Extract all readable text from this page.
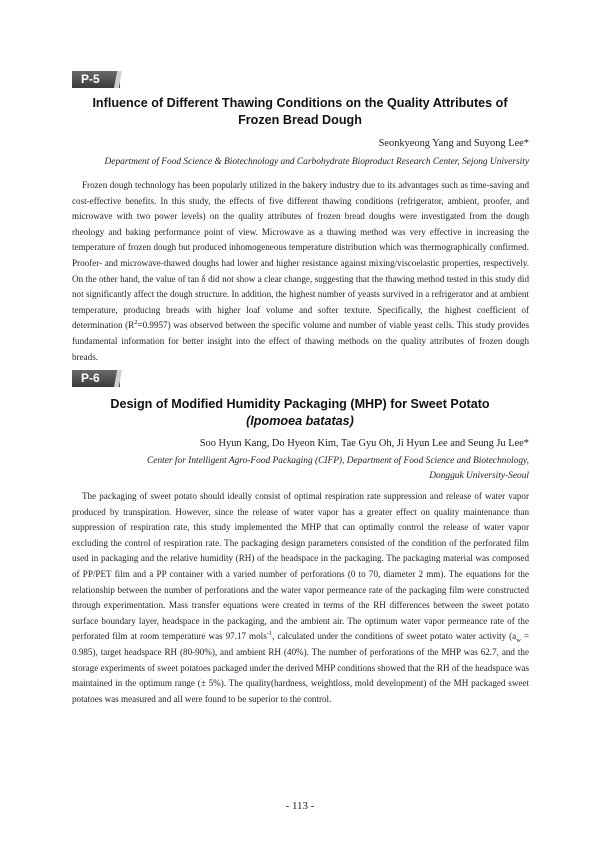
P-5
Influence of Different Thawing Conditions on the Quality Attributes of
Frozen Bread Dough
Seonkyeong Yang and Suyong Lee*
Department of Food Science & Biotechnology and Carbohydrate Bioproduct Research Center, Sejong University
Frozen dough technology has been popularly utilized in the bakery industry due to its advantages such as time-saving and cost-effective benefits. In this study, the effects of five different thawing conditions (refrigerator, ambient, proofer, and microwave with two power levels) on the quality attributes of frozen bread doughs were investigated from the dough rheology and baking performance point of view. Microwave as a thawing method was very effective in increasing the temperature of frozen dough but produced inhomogeneous temperature distribution which was thermographically confirmed. Proofer- and microwave-thawed doughs had lower and higher resistance against mixing/viscoelastic properties, respectively. On the other hand, the value of tan δ did not show a clear change, suggesting that the thawing method tested in this study did not significantly affect the dough structure. In addition, the highest number of yeasts survived in a refrigerator and at ambient temperature, producing breads with higher loaf volume and softer texture. Specifically, the highest coefficient of determination $(R^2=0.9957)$ was observed between the specific volume and number of viable yeast cells. This study provides fundamental information for better insight into the effect of thawing methods on the quality attributes of frozen dough breads.
P-6
Design of Modified Humidity Packaging (MHP) for Sweet Potato
(Ipomoea batatas)
Soo Hyun Kang, Do Hyeon Kim, Tae Gyu Oh, Ji Hyun Lee and Seung Ju Lee*
Center for Intelligent Agro-Food Packaging (CIFP), Department of Food Science and Biotechnology,
Dongguk University-Seoul
The packaging of sweet potato should ideally consist of optimal respiration rate suppression and release of water vapor produced by transpiration. However, since the release of water vapor has a greater effect on quality maintenance than suppression of respiration rate, this study implemented the MHP that can optimally control the release of water vapor excluding the control of respiration rate. The packaging design parameters consisted of the condition of the perforated film used in packaging and the relative humidity (RH) of the headspace in the packaging. The packaging material was composed of PP/PET film and a PP container with a varied number of perforations (0 to 70, diameter 2 mm). The equations for the relationship between the number of perforations and the water vapor permeance rate of the packaging film were constructed through experimentation. Mass transfer equations were created in terms of the RH differences between the sweet potato surface boundary layer, headspace in the packaging, and the ambient air. The optimum water vapor permeance rate of the perforated film at room temperature was 97.17 mols$^{-1}$, calculated under the conditions of sweet potato water activity $(a_w = 0.985)$, target headspace RH (80-90%), and ambient RH (40%). The number of perforations of the MHP was 62.7, and the storage experiments of sweet potatoes packaged under the derived MHP conditions showed that the RH of the headspace was maintained in the optimum range (± 5%). The quality(hardness, weightloss, mold development) of the MH packaged sweet potatoes was measured and all were found to be superior to the control.
- 113 -
